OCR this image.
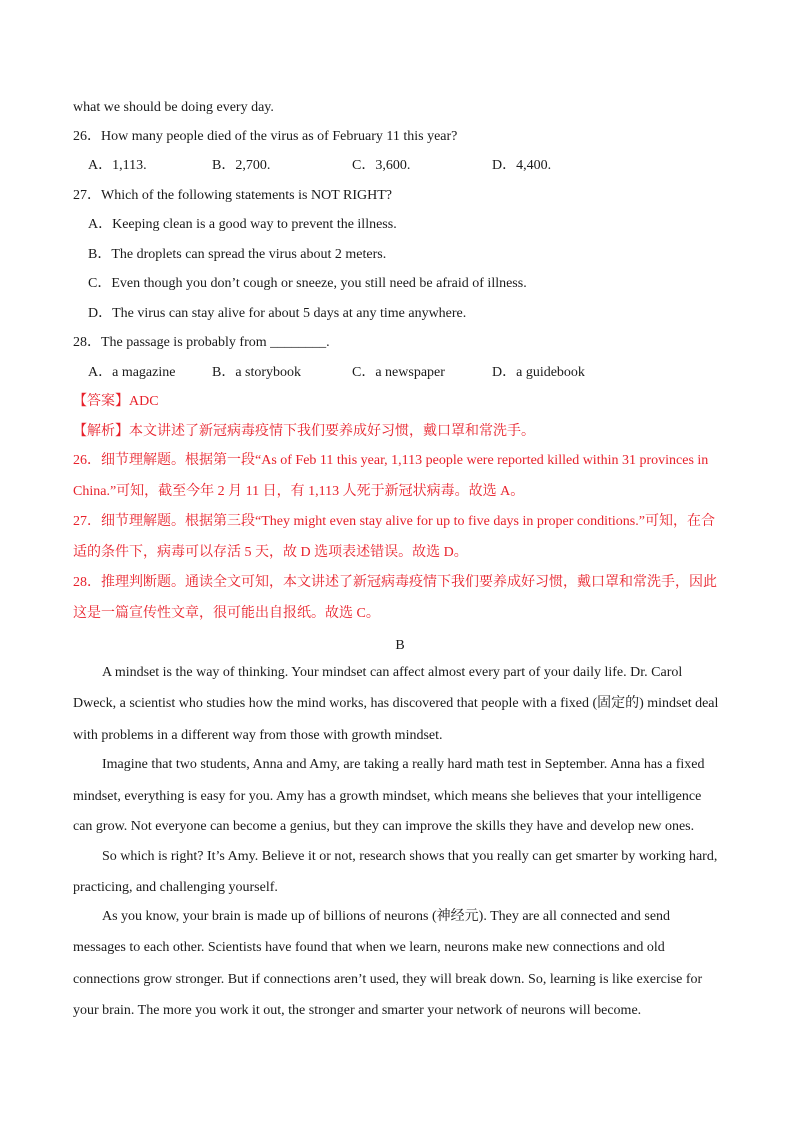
what we should be doing every day.
26．How many people died of the virus as of February 11 this year?
A．1,113.	B．2,700.	C．3,600.	D．4,400.
27．Which of the following statements is NOT RIGHT?
A．Keeping clean is a good way to prevent the illness.
B．The droplets can spread the virus about 2 meters.
C．Even though you don’t cough or sneeze, you still need be afraid of illness.
D．The virus can stay alive for about 5 days at any time anywhere.
28．The passage is probably from ________.
A．a magazine	B．a storybook	C．a newspaper	D．a guidebook
【答案】ADC
【解析】本文讲述了新冠病毒疫情下我们要养成好习惯，戴口罩和常洗手。
26．细节理解题。根据第一段“As of Feb 11 this year, 1,113 people were reported killed within 31 provinces in
China.”可知，截至今年 2 月 11 日，有 1,113 人死于新冠状病毒。故选 A。
27．细节理解题。根据第三段“They might even stay alive for up to five days in proper conditions.”可知，在合
适的条件下，病毒可以存活 5 天，故 D 选项表述错误。故选 D。
28．推理判断题。通读全文可知，本文讲述了新冠病毒疫情下我们要养成好习惯，戴口罩和常洗手，因此
这是一篇宣传性文章，很可能出自报纸。故选 C。
B
A mindset is the way of thinking. Your mindset can affect almost every part of your daily life. Dr. Carol
Dweck, a scientist who studies how the mind works, has discovered that people with a fixed (固定的) mindset deal
with problems in a different way from those with growth mindset.
Imagine that two students, Anna and Amy, are taking a really hard math test in September. Anna has a fixed
mindset, everything is easy for you. Amy has a growth mindset, which means she believes that your intelligence
can grow. Not everyone can become a genius, but they can improve the skills they have and develop new ones.
So which is right? It’s Amy. Believe it or not, research shows that you really can get smarter by working hard,
practicing, and challenging yourself.
As you know, your brain is made up of billions of neurons (神经元). They are all connected and send
messages to each other. Scientists have found that when we learn, neurons make new connections and old
connections grow stronger. But if connections aren’t used, they will break down. So, learning is like exercise for
your brain. The more you work it out, the stronger and smarter your network of neurons will become.
